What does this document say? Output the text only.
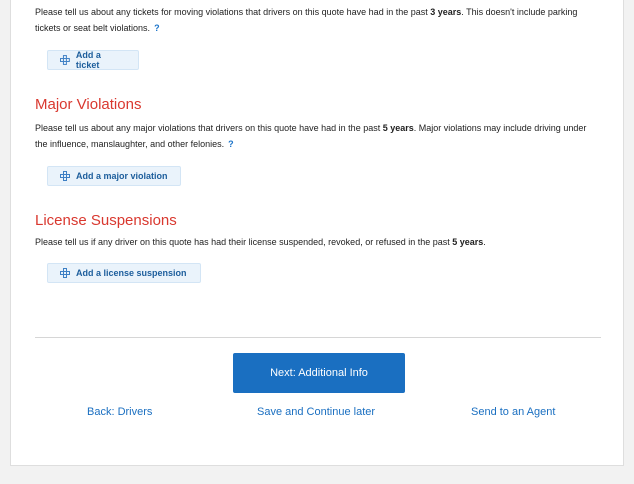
Please tell us about any tickets for moving violations that drivers on this quote have had in the past 3 years. This doesn't include parking tickets or seat belt violations. ?

Add a ticket
Major Violations

Please tell us about any major violations that drivers on this quote have had in the past 5 years. Major violations may include driving under the influence, manslaughter, and other felonies. ?

Add a major violation
License Suspensions

Please tell us if any driver on this quote has had their license suspended, revoked, or refused in the past 5 years.

Add a license suspension
Next: Additional Info
Back: Drivers	Save and Continue later	Send to an Agent
